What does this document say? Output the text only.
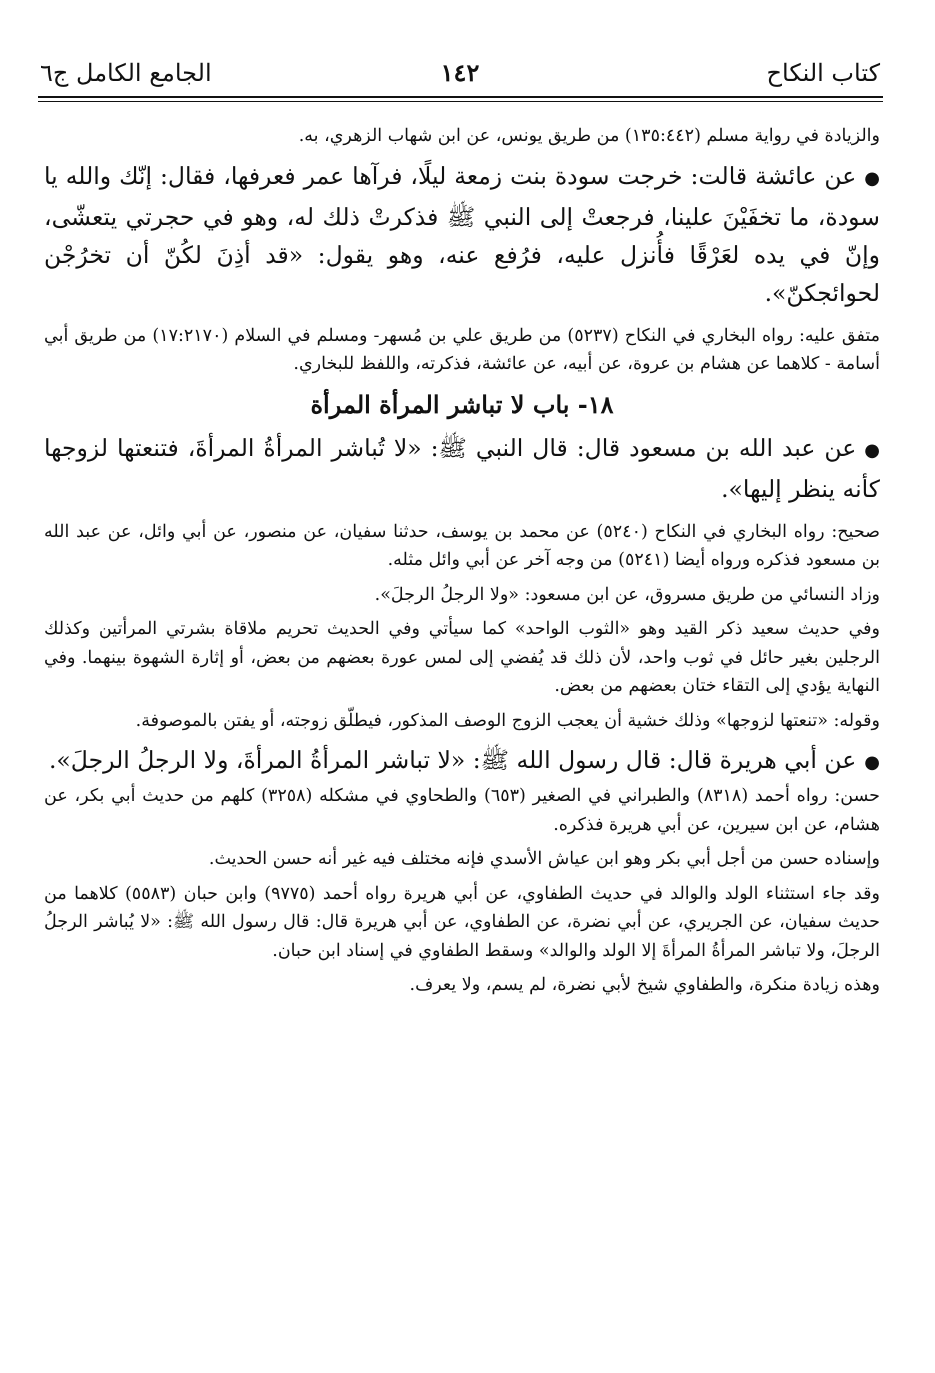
كتاب النكاح
١٤٢
الجامع الكامل ج٦

والزيادة في رواية مسلم (١٣٥:٤٤٢) من طريق يونس، عن ابن شهاب الزهري، به.

●عن عائشة قالت: خرجت سودة بنت زمعة ليلًا، فرآها عمر فعرفها، فقال: إنّك والله يا سودة، ما تخفَيْنَ علينا، فرجعتْ إلى النبي ﷺ فذكرتْ ذلك له، وهو في حجرتي يتعشّى، وإنّ في يده لعَرْقًا فأُنزل عليه، فرُفع عنه، وهو يقول: «قد أذِنَ لكُنّ أن تخرُجْن لحوائجكنّ».

متفق عليه: رواه البخاري في النكاح (٥٢٣٧) من طريق علي بن مُسهر- ومسلم في السلام (١٧:٢١٧٠) من طريق أبي أسامة - كلاهما عن هشام بن عروة، عن أبيه، عن عائشة، فذكرته، واللفظ للبخاري.

١٨- باب لا تباشر المرأة المرأة

●عن عبد الله بن مسعود قال: قال النبي ﷺ: «لا تُباشر المرأةُ المرأةَ، فتنعتها لزوجها كأنه ينظر إليها».

صحيح: رواه البخاري في النكاح (٥٢٤٠) عن محمد بن يوسف، حدثنا سفيان، عن منصور، عن أبي وائل، عن عبد الله بن مسعود فذكره ورواه أيضا (٥٢٤١) من وجه آخر عن أبي وائل مثله.

وزاد النسائي من طريق مسروق، عن ابن مسعود: «ولا الرجلُ الرجلَ».

وفي حديث سعيد ذكر القيد وهو «الثوب الواحد» كما سيأتي وفي الحديث تحريم ملاقاة بشرتي المرأتين وكذلك الرجلين بغير حائل في ثوب واحد، لأن ذلك قد يُفضي إلى لمس عورة بعضهم من بعض، أو إثارة الشهوة بينهما. وفي النهاية يؤدي إلى التقاء ختان بعضهم من بعض.

وقوله: «تنعتها لزوجها» وذلك خشية أن يعجب الزوج الوصف المذكور، فيطلّق زوجته، أو يفتن بالموصوفة.

●عن أبي هريرة قال: قال رسول الله ﷺ: «لا تباشر المرأةُ المرأةَ، ولا الرجلُ الرجلَ».

حسن: رواه أحمد (٨٣١٨) والطبراني في الصغير (٦٥٣) والطحاوي في مشكله (٣٢٥٨) كلهم من حديث أبي بكر، عن هشام، عن ابن سيرين، عن أبي هريرة فذكره.

وإسناده حسن من أجل أبي بكر وهو ابن عياش الأسدي فإنه مختلف فيه غير أنه حسن الحديث.

وقد جاء استثناء الولد والوالد في حديث الطفاوي، عن أبي هريرة رواه أحمد (٩٧٧٥) وابن حبان (٥٥٨٣) كلاهما من حديث سفيان، عن الجريري، عن أبي نضرة، عن الطفاوي، عن أبي هريرة قال: قال رسول الله ﷺ: «لا يُباشر الرجلُ الرجلَ، ولا تباشر المرأةُ المرأةَ إلا الولد والوالد» وسقط الطفاوي في إسناد ابن حبان.

وهذه زيادة منكرة، والطفاوي شيخ لأبي نضرة، لم يسم، ولا يعرف.
